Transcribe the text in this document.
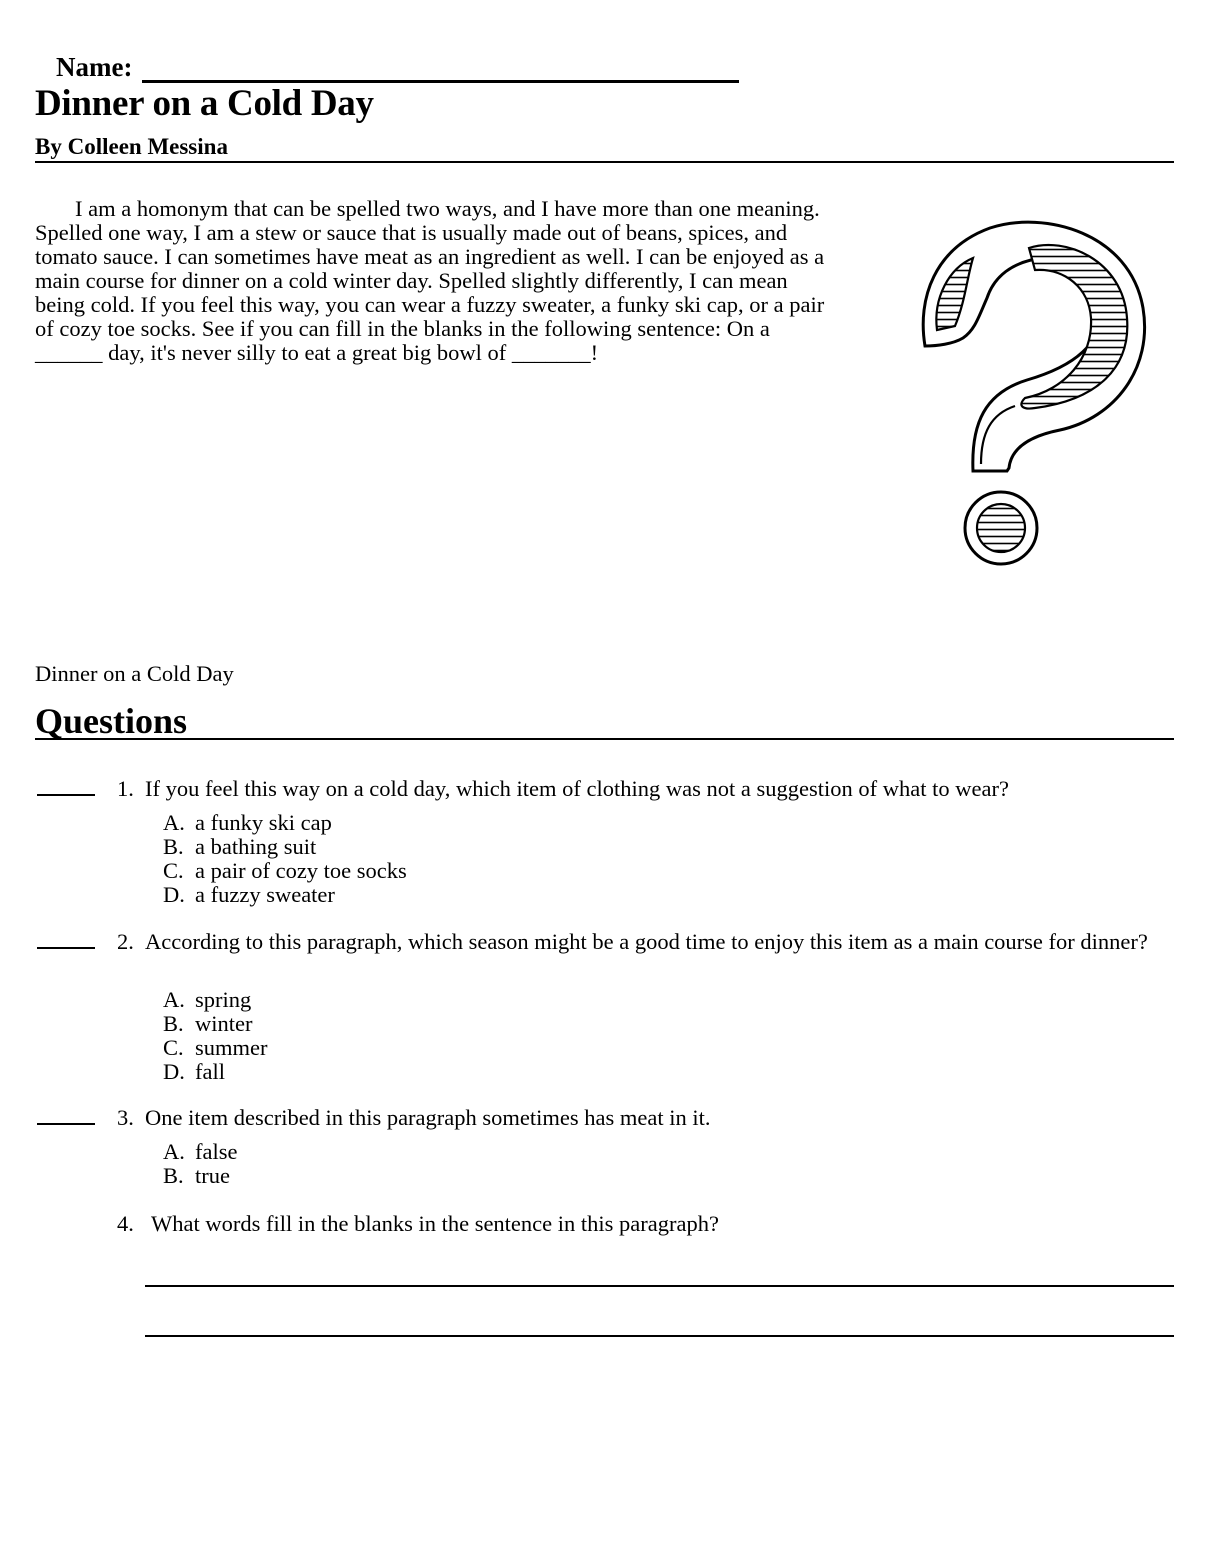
Name:
Dinner on a Cold Day
By Colleen Messina

I am a homonym that can be spelled two ways, and I have more than one meaning. Spelled one way, I am a stew or sauce that is usually made out of beans, spices, and tomato sauce. I can sometimes have meat as an ingredient as well. I can be enjoyed as a main course for dinner on a cold winter day. Spelled slightly differently, I can mean being cold. If you feel this way, you can wear a fuzzy sweater, a funky ski cap, or a pair of cozy toe socks. See if you can fill in the blanks in the following sentence: On a ______ day, it's never silly to eat a great big bowl of _______!

Dinner on a Cold Day
Questions
1. If you feel this way on a cold day, which item of clothing was not a suggestion of what to wear?
A. a funky ski cap
B. a bathing suit
C. a pair of cozy toe socks
D. a fuzzy sweater
2. According to this paragraph, which season might be a good time to enjoy this item as a main course for dinner?
A. spring
B. winter
C. summer
D. fall
3. One item described in this paragraph sometimes has meat in it.
A. false
B. true
4. What words fill in the blanks in the sentence in this paragraph?
